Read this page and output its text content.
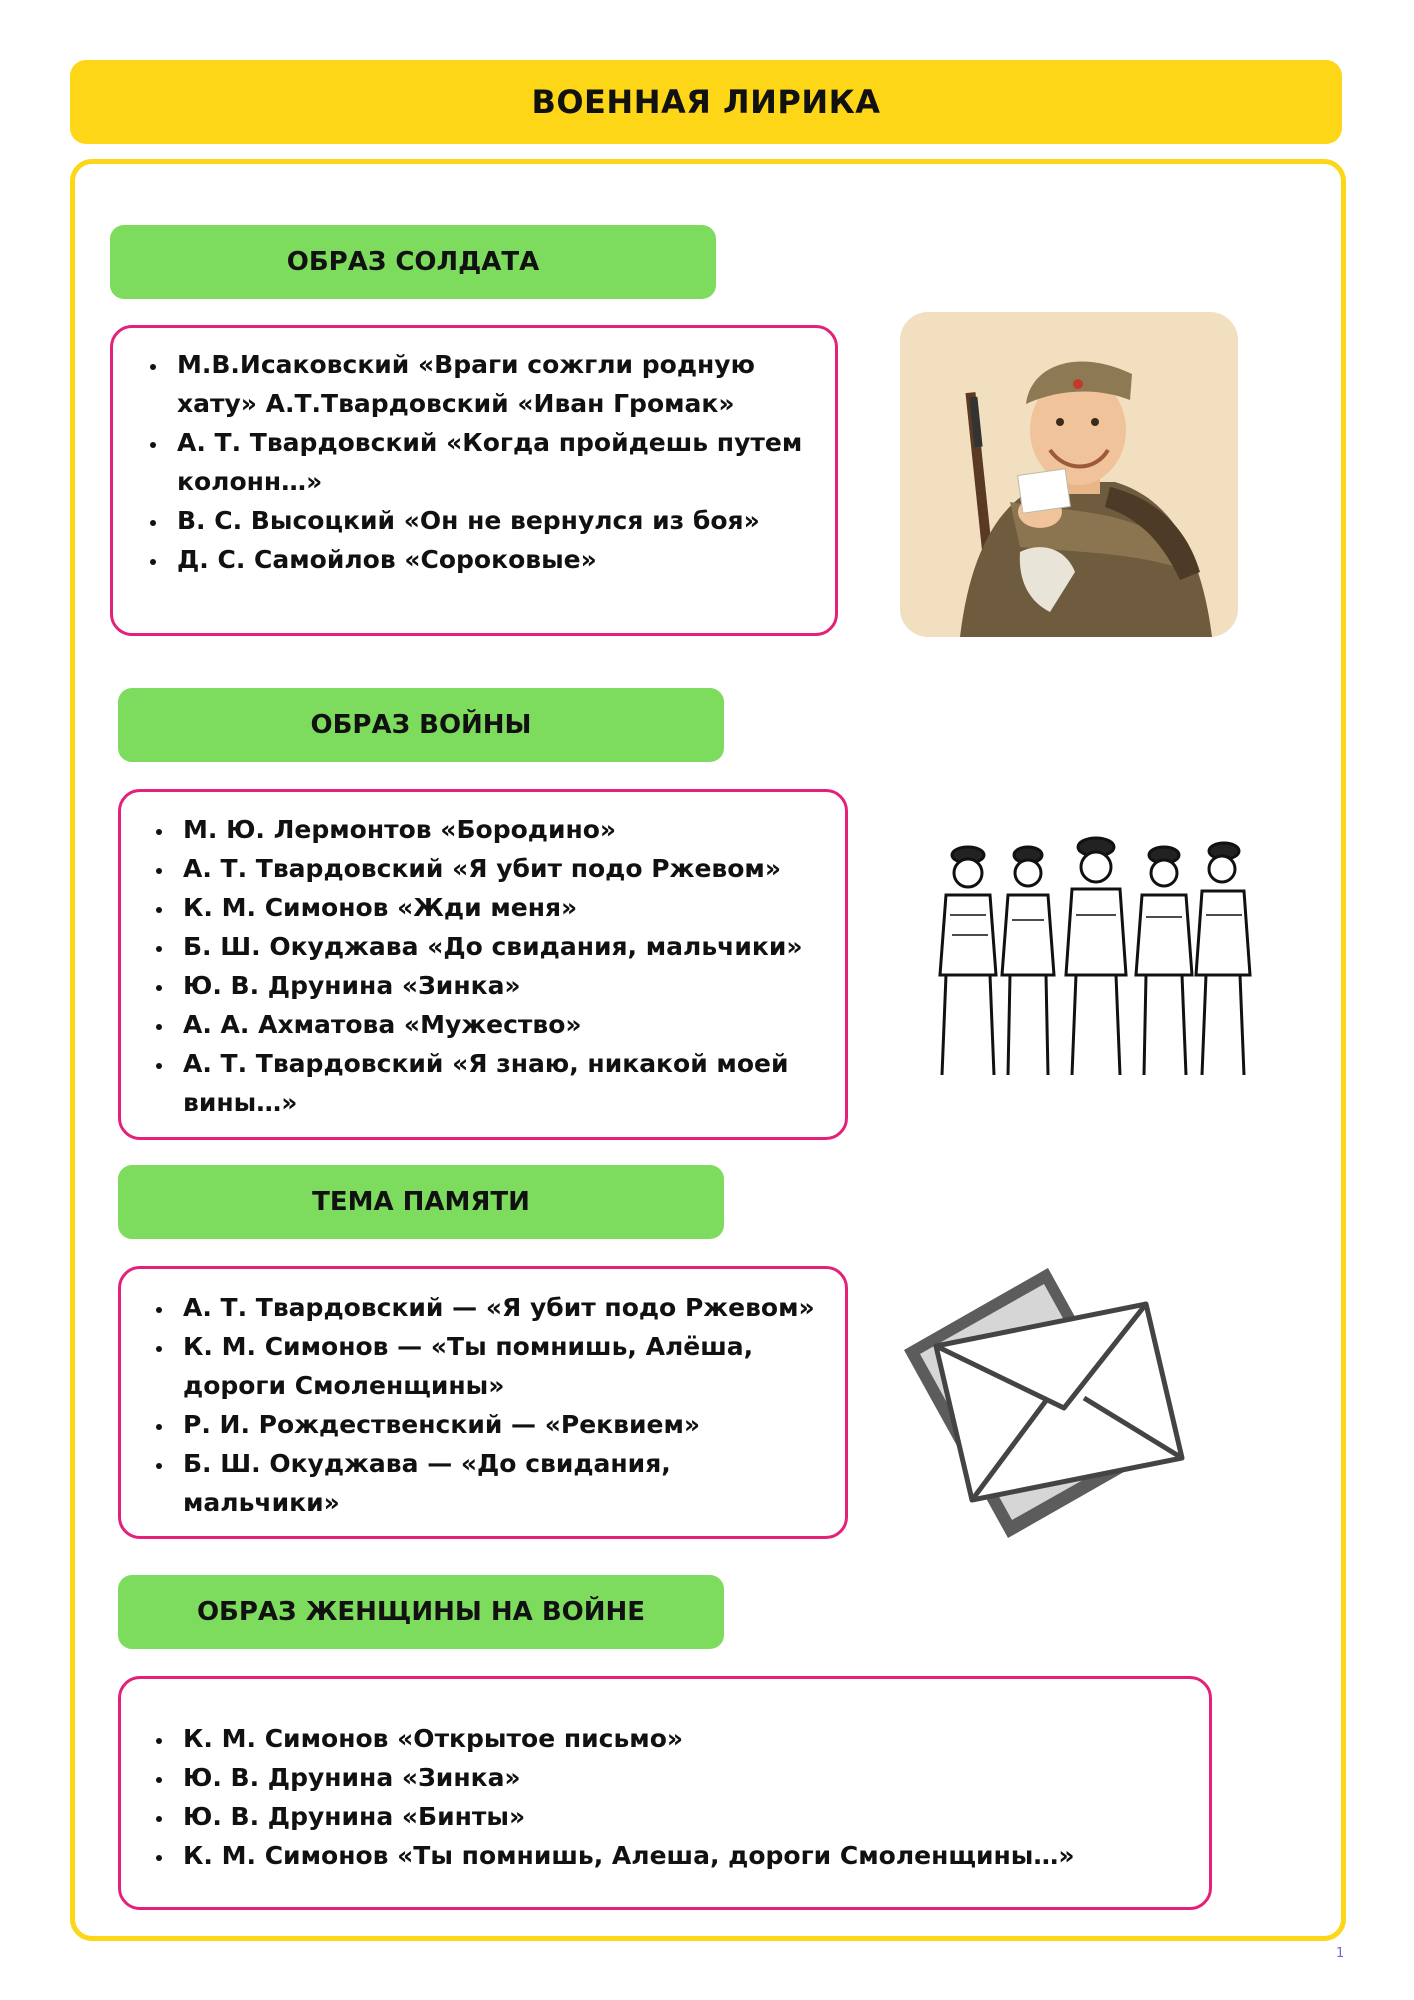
ВОЕННАЯ ЛИРИКА
ОБРАЗ СОЛДАТА
• М.В.Исаковский «Враги сожгли родную хату» А.Т.Твардовский «Иван Громак»
• А. Т. Твардовский «Когда пройдешь путем колонн…»
• В. С. Высоцкий «Он не вернулся из боя»
• Д. С. Самойлов «Сороковые»
ОБРАЗ ВОЙНЫ
• М. Ю. Лермонтов «Бородино»
• А. Т. Твардовский «Я убит подо Ржевом»
• К. М. Симонов «Жди меня»
• Б. Ш. Окуджава «До свидания, мальчики»
• Ю. В. Друнина «Зинка»
• А. А. Ахматова «Мужество»
• А. Т. Твардовский «Я знаю, никакой моей вины…»
ТЕМА ПАМЯТИ
• А. Т. Твардовский — «Я убит подо Ржевом»
• К. М. Симонов — «Ты помнишь, Алёша, дороги Смоленщины»
• Р. И. Рождественский — «Реквием»
• Б. Ш. Окуджава — «До свидания, мальчики»
ОБРАЗ ЖЕНЩИНЫ НА ВОЙНЕ
• К. М. Симонов «Открытое письмо»
• Ю. В. Друнина «Зинка»
• Ю. В. Друнина «Бинты»
• К. М. Симонов «Ты помнишь, Алеша, дороги Смоленщины…»
1
